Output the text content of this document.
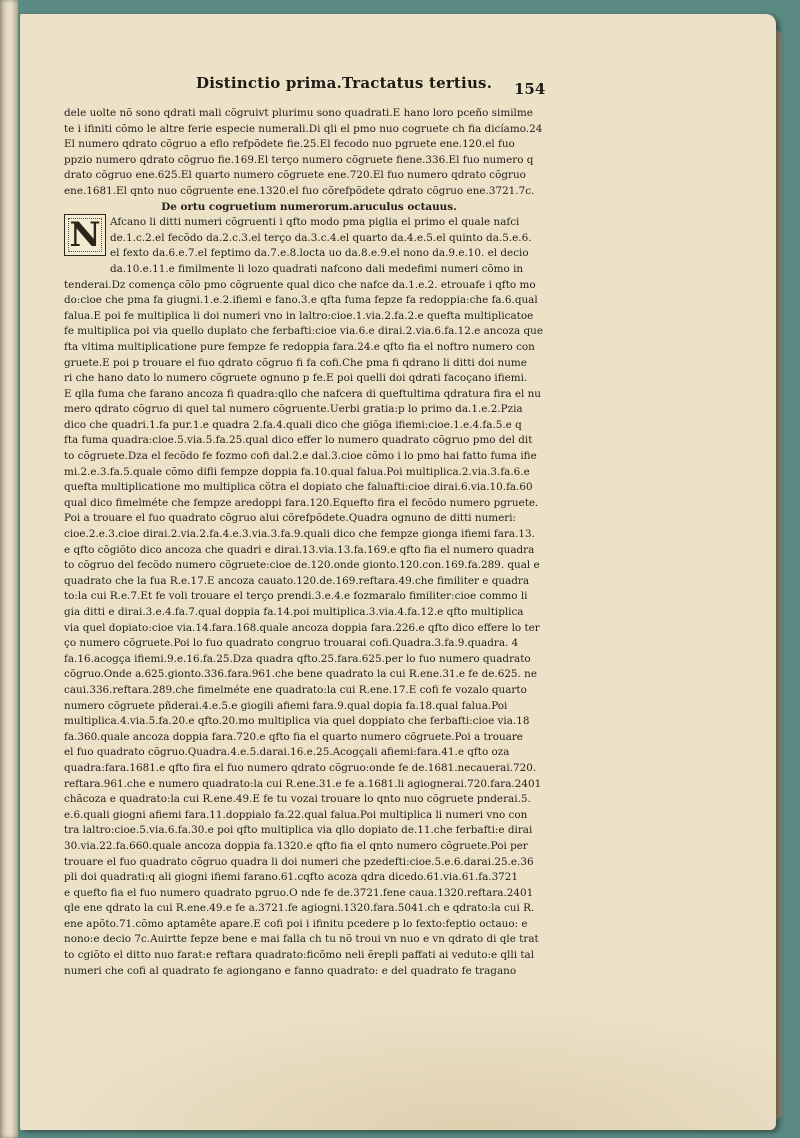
Distinctio prima.Tractatus tertius. 154
N
dele uolte nõ sono qdrati mali cõgruivt plurimu sono quadrati.E hano loro pceño similme
te i ifiniti cõmo le altre ferie especie numerali.Di qli el pmo nuo cogruete ch fia dicíamo.24
El numero qdrato cõgruo a eflo refpõdete fie.25.El fecodo nuo pgruete ene.120.el fuo
ppzio numero qdrato cõgruo fie.169.El terço numero cõgruete fiene.336.El fuo numero q
drato cõgruo ene.625.El quarto numero cõgruete ene.720.El fuo numero qdrato cõgruo
ene.1681.El qnto nuo cõgruente ene.1320.el fuo cõrefpõdete qdrato cõgruo ene.3721.7c.
De ortu cogruetium numerorum.aruculus octauus.
Afcano li ditti numeri cõgruenti i qfto modo pma piglia el primo el quale nafci
de.1.c.2.el fecõdo da.2.c.3.el terço da.3.c.4.el quarto da.4.e.5.el quinto da.5.e.6.
el fexto da.6.e.7.el feptimo da.7.e.8.locta uo da.8.e.9.el nono da.9.e.10. el decio
da.10.e.11.e fimilmente li lozo quadrati nafcono dali medefimi numeri cõmo in
tenderai.Dz comença cõlo pmo cõgruente qual dico che nafce da.1.e.2. etrouafe i qfto mo
do:cioe che pma fa giugni.1.e.2.ifiemi e fano.3.e qfta fuma fepze fa redoppia:che fa.6.qual
falua.E poi fe multiplica li doi numeri vno in laltro:cioe.1.via.2.fa.2.e quefta multiplicatoe
fe multiplica poi via quello duplato che ferbafti:cioe via.6.e dirai.2.via.6.fa.12.e ancoza que
fta vltima multiplicatione pure fempze fe redoppia fara.24.e qfto fia el noftro numero con
gruete.E poi p trouare el fuo qdrato cõgruo fi fa cofi.Che pma fi qdrano li ditti doi nume
ri che hano dato lo numero cõgruete ognuno p fe.E poi quelli doi qdrati facoçano ifiemi.
E qlla fuma che farano ancoza fi quadra:qllo che nafcera di queftultima qdratura fira el nu
mero qdrato cõgruo di quel tal numero cõgruente.Uerbi gratia:p lo primo da.1.e.2.Pzia
dico che quadri.1.fa pur.1.e quadra 2.fa.4.quali dico che giõga ifiemi:cioe.1.e.4.fa.5.e q
fta fuma quadra:cioe.5.via.5.fa.25.qual dico effer lo numero quadrato cõgruo pmo del dit
to cõgruete.Dza el fecõdo fe fozmo cofi dal.2.e dal.3.cioe cõmo i lo pmo hai fatto fuma ifie
mi.2.e.3.fa.5.quale cõmo difli fempze doppia fa.10.qual falua.Poi multiplica.2.via.3.fa.6.e
quefta multiplicatione mo multiplica cõtra el dopiato che faluafti:cioe dirai.6.via.10.fa.60
qual dico fimelméte che fempze aredoppi fara.120.Equefto fira el fecõdo numero pgruete.
Poi a trouare el fuo quadrato cõgruo alui cõrefpõdete.Quadra ognuno de ditti numeri:
cioe.2.e.3.cioe dirai.2.via.2.fa.4.e.3.via.3.fa.9.quali dico che fempze gionga ifiemi fara.13.
e qfto cõgiõto dico ancoza che quadri e dirai.13.via.13.fa.169.e qfto fia el numero quadra
to cõgruo del fecõdo numero cõgruete:cioe de.120.onde gionto.120.con.169.fa.289. qual e
quadrato che la fua R.e.17.E ancoza cauato.120.de.169.reftara.49.che fimiliter e quadra
to:la cui R.e.7.Et fe voli trouare el terço prendi.3.e.4.e fozmaralo fimiliter:cioe commo li
gia ditti e dirai.3.e.4.fa.7.qual doppia fa.14.poi multiplica.3.via.4.fa.12.e qfto multiplica
via quel dopiato:cioe via.14.fara.168.quale ancoza doppia fara.226.e qfto dico effere lo ter
ço numero cõgruete.Poi lo fuo quadrato congruo trouarai cofi.Quadra.3.fa.9.quadra. 4
fa.16.acogça ifiemi.9.e.16.fa.25.Dza quadra qfto.25.fara.625.per lo fuo numero quadrato
cõgruo.Onde a.625.gionto.336.fara.961.che bene quadrato la cui R.ene.31.e fe de.625. ne
caui.336.reftara.289.che fimelméte ene quadrato:la cui R.ene.17.E cofi fe vozalo quarto
numero cõgruete pñderai.4.e.5.e giogili afiemi fara.9.qual dopia fa.18.qual falua.Poi
multiplica.4.via.5.fa.20.e qfto.20.mo multiplica via quel doppiato che ferbafti:cioe via.18
fa.360.quale ancoza doppia fara.720.e qfto fia el quarto numero cõgruete.Poi a trouare
el fuo quadrato cõgruo.Quadra.4.e.5.darai.16.e.25.Acogçali afiemi:fara.41.e qfto oza
quadra:fara.1681.e qfto fira el fuo numero qdrato cõgruo:onde fe de.1681.necauerai.720.
reftara.961.che e numero quadrato:la cui R.ene.31.e fe a.1681.li agiognerai.720.fara.2401
chãcoza e quadrato:la cui R.ene.49.E fe tu vozai trouare lo qnto nuo cõgruete pnderai.5.
e.6.quali giogni afiemi fara.11.doppialo fa.22.qual falua.Poi multiplica li numeri vno con
tra laltro:cioe.5.via.6.fa.30.e poi qfto multiplica via qllo dopiato de.11.che ferbafti:e dirai
30.via.22.fa.660.quale ancoza doppia fa.1320.e qfto fia el qnto numero cõgruete.Poi per
trouare el fuo quadrato cõgruo quadra li doi numeri che pzedefti:cioe.5.e.6.darai.25.e.36
pli doi quadrati:q ali giogni ifiemi farano.61.cqfto acoza qdra dicedo.61.via.61.fa.3721
e quefto fia el fuo numero quadrato pgruo.O nde fe de.3721.fene caua.1320.reftara.2401
qle ene qdrato la cui R.ene.49.e fe a.3721.fe agiogni.1320.fara.5041.ch e qdrato:la cui R.
ene apõto.71.cõmo aptamête apare.E cofi poi i ifinitu pcedere p lo fexto:feptio octauo: e
nono:e decio 7c.Auirtte fepze bene e mai falla ch tu nõ troui vn nuo e vn qdrato di qle trat
to cgiõto el ditto nuo farat:e reftara quadrato:ficõmo neli ẽrepli paffati ai veduto:e qlli tal
numeri che cofi al quadrato fe agiongano e fanno quadrato: e del quadrato fe tragano
